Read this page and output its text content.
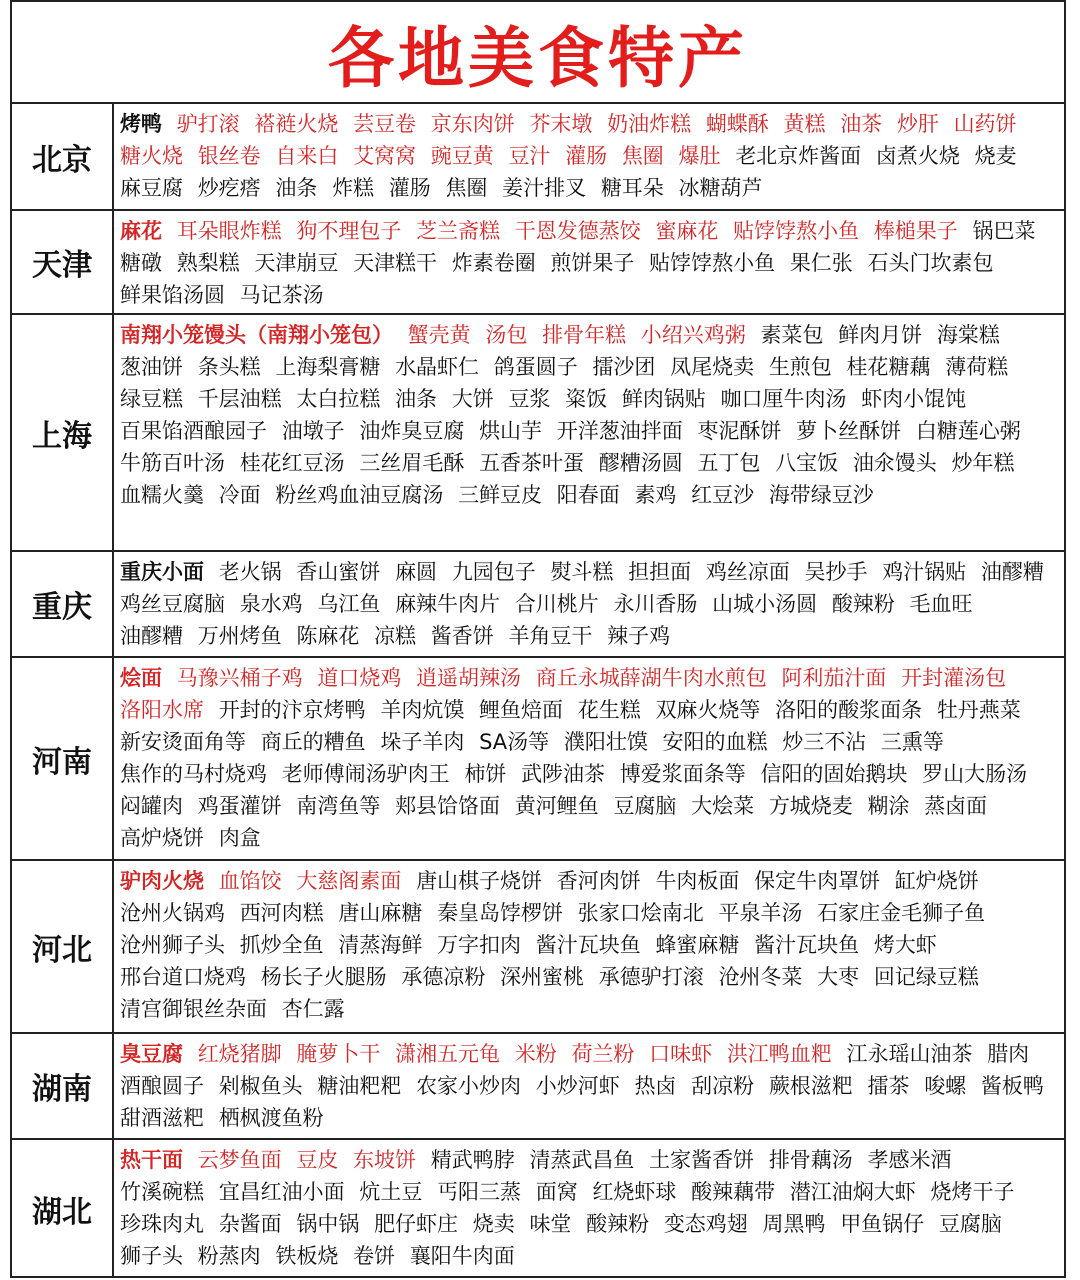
各地美食特产
北京
烤鸭 驴打滚 褡裢火烧 芸豆卷 京东肉饼 芥末墩 奶油炸糕 蝴蝶酥 黄糕 油茶 炒肝 山药饼 糖火烧 银丝卷 自来白 艾窝窝 豌豆黄 豆汁 灌肠 焦圈 爆肚 老北京炸酱面 卤煮火烧 烧麦 麻豆腐 炒疙瘩 油条 炸糕 灌肠 焦圈 姜汁排叉 糖耳朵 冰糖葫芦
天津
麻花 耳朵眼炸糕 狗不理包子 芝兰斋糕 干恩发德蒸饺 蜜麻花 贴饽饽熬小鱼 棒槌果子 锅巴菜 糖礅 熟梨糕 天津崩豆 天津糕干 炸素卷圈 煎饼果子 贴饽饽熬小鱼 果仁张 石头门坎素包 鲜果馅汤圆 马记茶汤
上海
南翔小笼馒头（南翔小笼包） 蟹壳黄 汤包 排骨年糕 小绍兴鸡粥 素菜包 鲜肉月饼 海棠糕 葱油饼 条头糕 上海梨膏糖 水晶虾仁 鸽蛋圆子 擂沙团 凤尾烧卖 生煎包 桂花糖藕 薄荷糕 绿豆糕 千层油糕 太白拉糕 油条 大饼 豆浆 粢饭 鲜肉锅贴 咖口厘牛肉汤 虾肉小馄饨 百果馅酒酿园子 油墩子 油炸臭豆腐 烘山芋 开洋葱油拌面 枣泥酥饼 萝卜丝酥饼 白糖莲心粥 牛筋百叶汤 桂花红豆汤 三丝眉毛酥 五香茶叶蛋 醪糟汤圆 五丁包 八宝饭 油氽馒头 炒年糕 血糯火羹 冷面 粉丝鸡血油豆腐汤 三鲜豆皮 阳春面 素鸡 红豆沙 海带绿豆沙
重庆
重庆小面 老火锅 香山蜜饼 麻圆 九园包子 熨斗糕 担担面 鸡丝凉面 吴抄手 鸡汁锅贴 油醪糟 鸡丝豆腐脑 泉水鸡 乌江鱼 麻辣牛肉片 合川桃片 永川香肠 山城小汤圆 酸辣粉 毛血旺 油醪糟 万州烤鱼 陈麻花 凉糕 酱香饼 羊角豆干 辣子鸡
河南
烩面 马豫兴桶子鸡 道口烧鸡 逍遥胡辣汤 商丘永城薛湖牛肉水煎包 阿利茄汁面 开封灌汤包 洛阳水席 开封的汴京烤鸭 羊肉炕馍 鲤鱼焙面 花生糕 双麻火烧等 洛阳的酸浆面条 牡丹燕菜 新安烫面角等 商丘的糟鱼 垛子羊肉 SA汤等 濮阳壮馍 安阳的血糕 炒三不沾 三熏等 焦作的马村烧鸡 老师傅闹汤驴肉王 柿饼 武陟油茶 博爱浆面条等 信阳的固始鹅块 罗山大肠汤 闷罐肉 鸡蛋灌饼 南湾鱼等 郏县饸饹面 黄河鲤鱼 豆腐脑 大烩菜 方城烧麦 糊涂 蒸卤面 高炉烧饼 肉盒
河北
驴肉火烧 血馅饺 大慈阁素面 唐山棋子烧饼 香河肉饼 牛肉板面 保定牛肉罩饼 缸炉烧饼 沧州火锅鸡 西河肉糕 唐山麻糖 秦皇岛饽椤饼 张家口烩南北 平泉羊汤 石家庄金毛狮子鱼 沧州狮子头 抓炒全鱼 清蒸海鲜 万字扣肉 酱汁瓦块鱼 蜂蜜麻糖 酱汁瓦块鱼 烤大虾 邢台道口烧鸡 杨长子火腿肠 承德凉粉 深州蜜桃 承德驴打滚 沧州冬菜 大枣 回记绿豆糕 清宫御银丝杂面 杏仁露
湖南
臭豆腐 红烧猪脚 腌萝卜干 潇湘五元龟 米粉 荷兰粉 口味虾 洪江鸭血粑 江永瑶山油茶 腊肉 酒酿圆子 剁椒鱼头 糖油粑粑 农家小炒肉 小炒河虾 热卤 刮凉粉 蕨根滋粑 擂茶 唆螺 酱板鸭 甜酒滋粑 栖枫渡鱼粉
湖北
热干面 云梦鱼面 豆皮 东坡饼 精武鸭脖 清蒸武昌鱼 土家酱香饼 排骨藕汤 孝感米酒 竹溪碗糕 宜昌红油小面 炕土豆 丐阳三蒸 面窝 红烧虾球 酸辣藕带 潜江油焖大虾 烧烤干子 珍珠肉丸 杂酱面 锅中锅 肥仔虾庄 烧卖 味堂 酸辣粉 变态鸡翅 周黑鸭 甲鱼锅仔 豆腐脑 狮子头 粉蒸肉 铁板烧 卷饼 襄阳牛肉面
